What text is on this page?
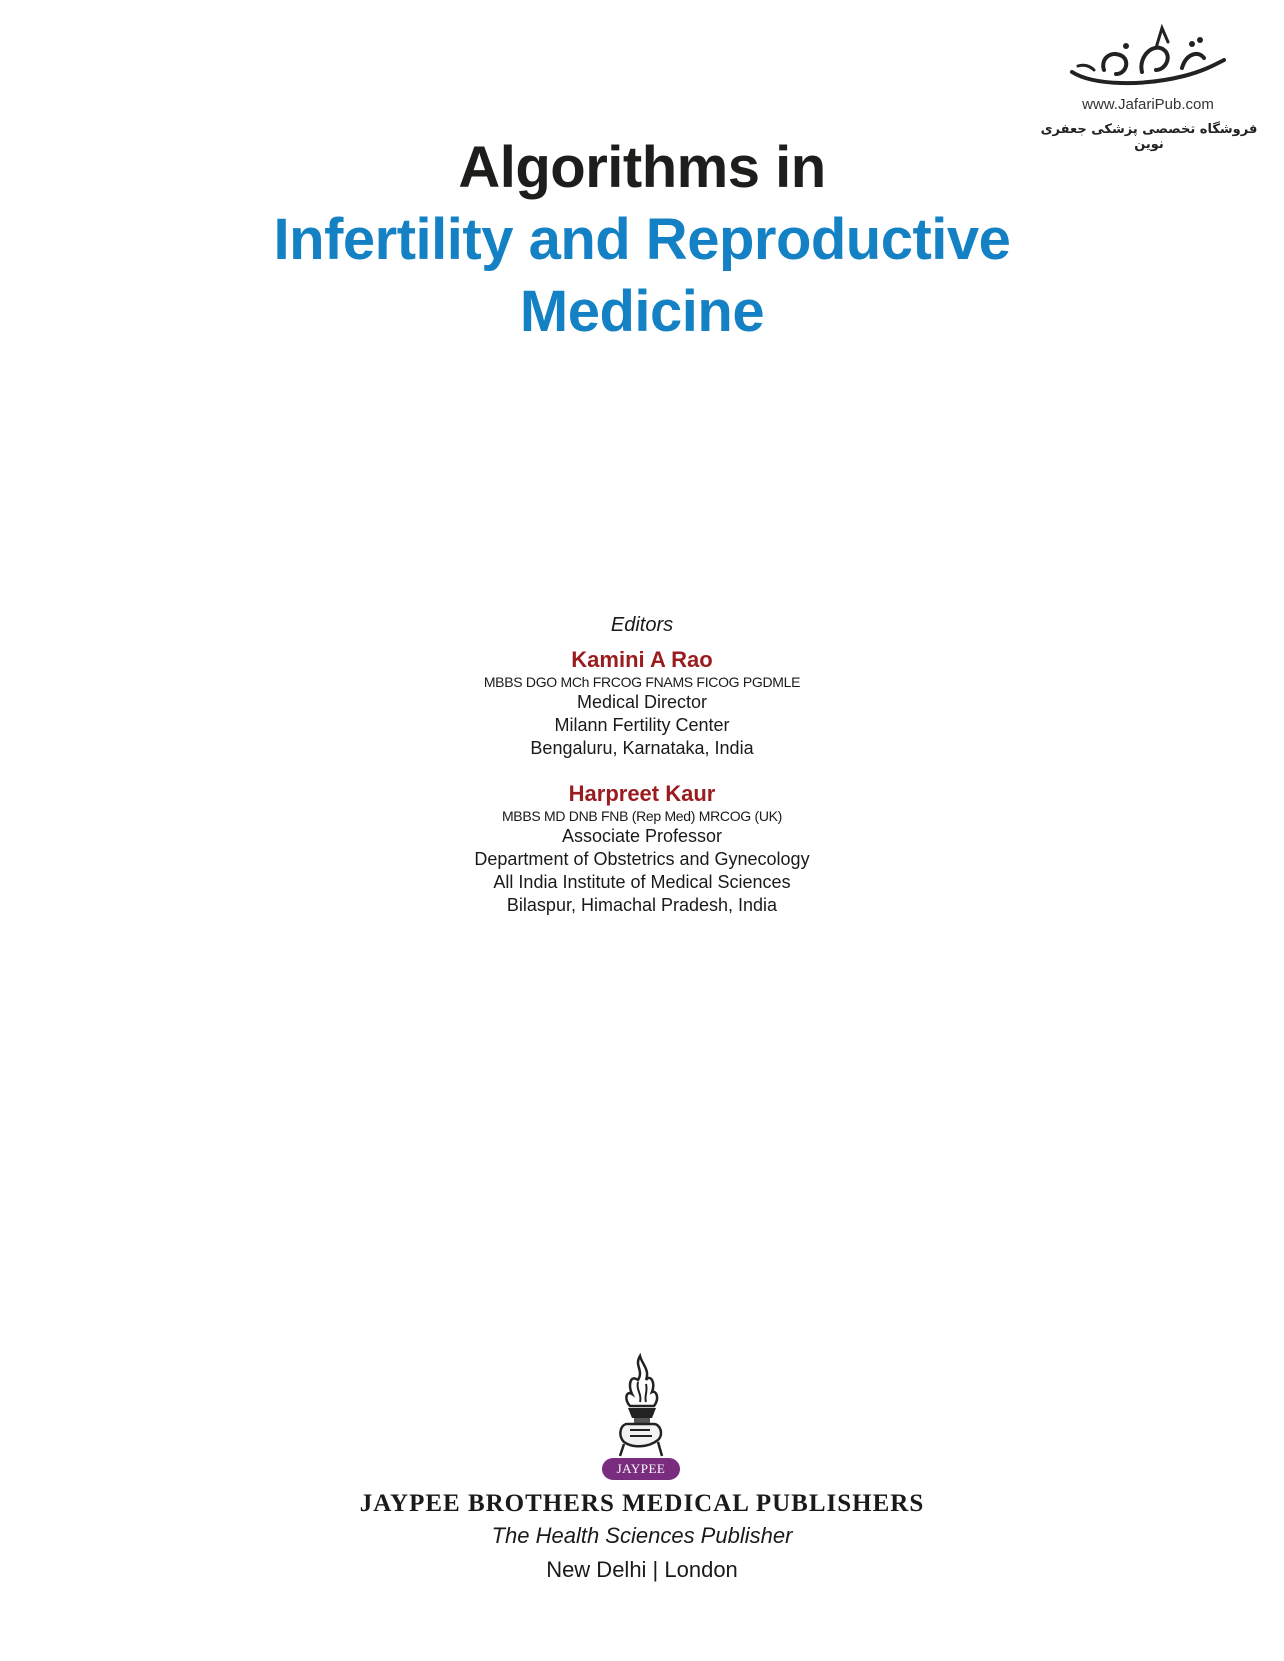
www.JafariPub.com
فروشگاه تخصصی پزشکی جعفری نوین
Algorithms in
Infertility and Reproductive
Medicine
Editors
Kamini A Rao
MBBS DGO MCh FRCOG FNAMS FICOG PGDMLE
Medical Director
Milann Fertility Center
Bengaluru, Karnataka, India
Harpreet Kaur
MBBS MD DNB FNB (Rep Med) MRCOG (UK)
Associate Professor
Department of Obstetrics and Gynecology
All India Institute of Medical Sciences
Bilaspur, Himachal Pradesh, India
JAYPEE
JAYPEE BROTHERS MEDICAL PUBLISHERS
The Health Sciences Publisher
New Delhi | London
